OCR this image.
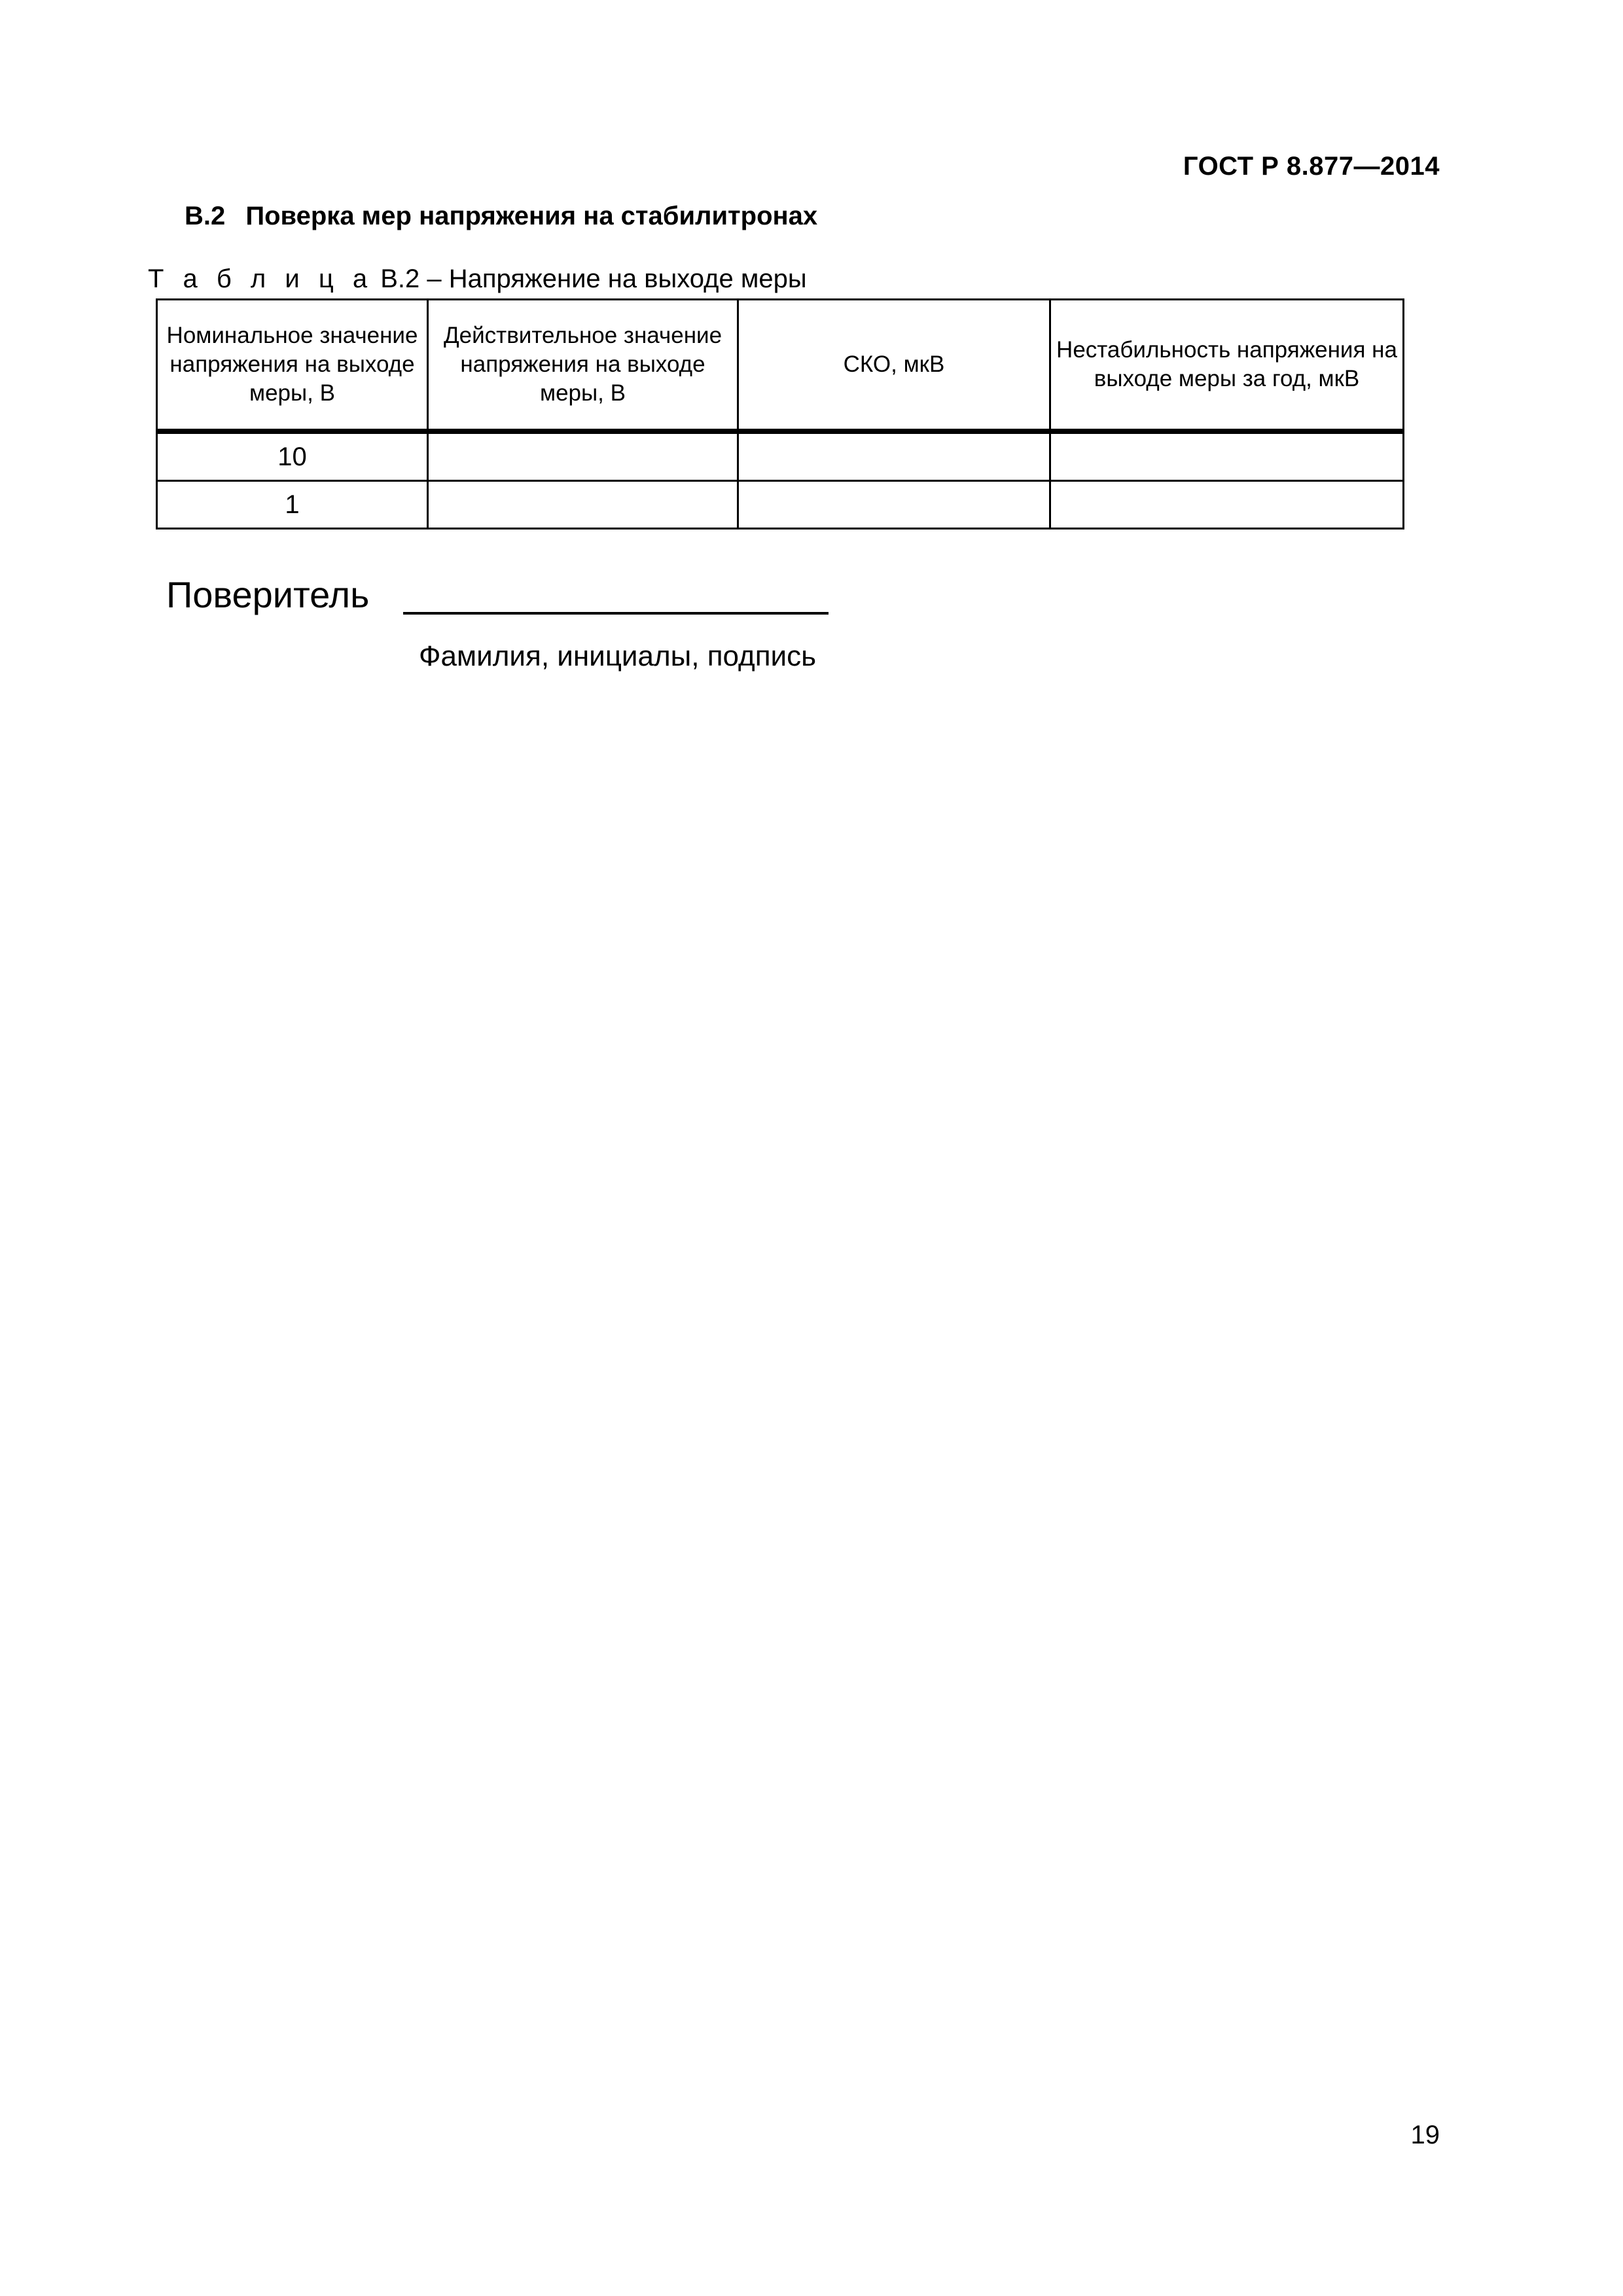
ГОСТ Р 8.877—2014
В.2 Поверка мер напряжения на стабилитронах
Т а б л и ц а В.2 – Напряжение на выходе меры
Номинальное значение напряжения на выходе меры, В	Действительное значение напряжения на выходе меры, В	СКО, мкВ	Нестабильность напряжения на выходе меры за год, мкВ
10			
1			
Поверитель
Фамилия, инициалы, подпись
19
